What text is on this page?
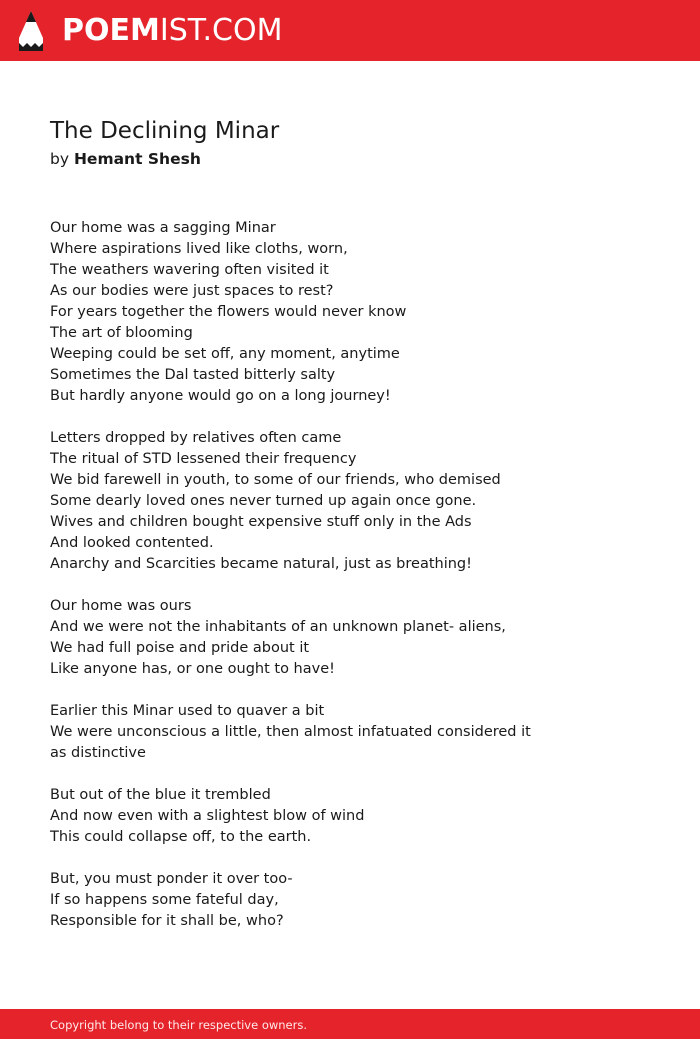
POEMIST.COM
The Declining Minar
by Hemant Shesh
Our home was a sagging Minar
Where aspirations lived like cloths, worn,
The weathers wavering often visited it
As our bodies were just spaces to rest?
For years together the flowers would never know
The art of blooming
Weeping could be set off, any moment, anytime
Sometimes the Dal tasted bitterly salty
But hardly anyone would go on a long journey!
Letters dropped by relatives often came
The ritual of STD lessened their frequency
We bid farewell in youth, to some of our friends, who demised
Some dearly loved ones never turned up again once gone.
Wives and children bought expensive stuff only in the Ads
And looked contented.
Anarchy and Scarcities became natural, just as breathing!
Our home was ours
And we were not the inhabitants of an unknown planet- aliens,
We had full poise and pride about it
Like anyone has, or one ought to have!
Earlier this Minar used to quaver a bit
We were unconscious a little, then almost infatuated considered it as distinctive
But out of the blue it trembled
And now even with a slightest blow of wind
This could collapse off, to the earth.
But, you must ponder it over too-
If so happens some fateful day,
Responsible for it shall be, who?
Copyright belong to their respective owners.
